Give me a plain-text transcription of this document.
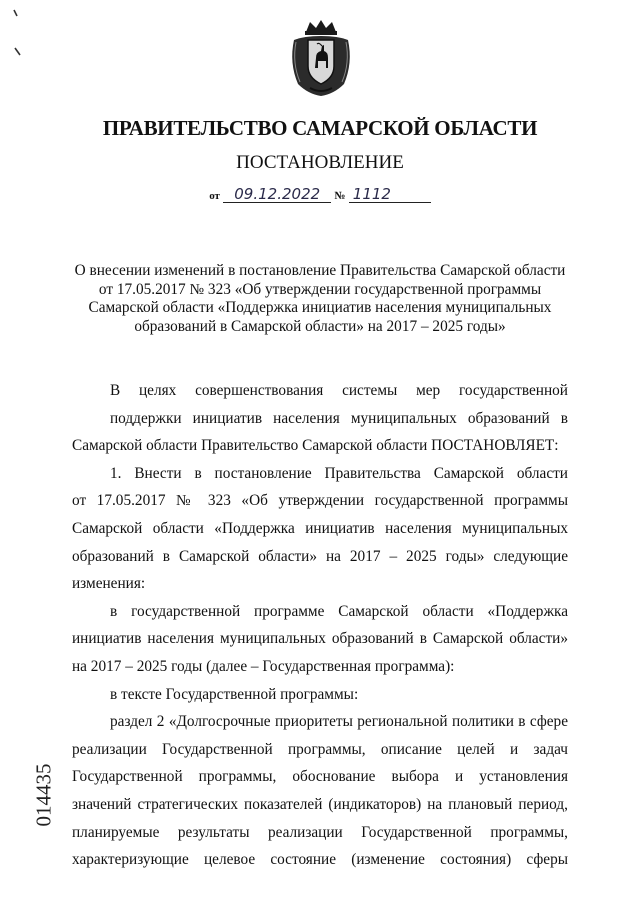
ПРАВИТЕЛЬСТВО САМАРСКОЙ ОБЛАСТИ
ПОСТАНОВЛЕНИЕ
от 09.12.2022 № 1112
О внесении изменений в постановление Правительства Самарской области
от 17.05.2017 № 323 «Об утверждении государственной программы
Самарской области «Поддержка инициатив населения муниципальных
образований в Самарской области» на 2017 – 2025 годы»
В целях совершенствования системы мер государственной
поддержки инициатив населения муниципальных образований в
Самарской области Правительство Самарской области ПОСТАНОВЛЯЕТ:
1. Внести в постановление Правительства Самарской области
от 17.05.2017 № 323 «Об утверждении государственной программы
Самарской области «Поддержка инициатив населения муниципальных
образований в Самарской области» на 2017 – 2025 годы» следующие
изменения:
в государственной программе Самарской области «Поддержка
инициатив населения муниципальных образований в Самарской области»
на 2017 – 2025 годы (далее – Государственная программа):
в тексте Государственной программы:
раздел 2 «Долгосрочные приоритеты региональной политики в сфере
реализации Государственной программы, описание целей и задач
Государственной программы, обоснование выбора и установления
значений стратегических показателей (индикаторов) на плановый период,
планируемые результаты реализации Государственной программы,
характеризующие целевое состояние (изменение состояния) сферы
014435
